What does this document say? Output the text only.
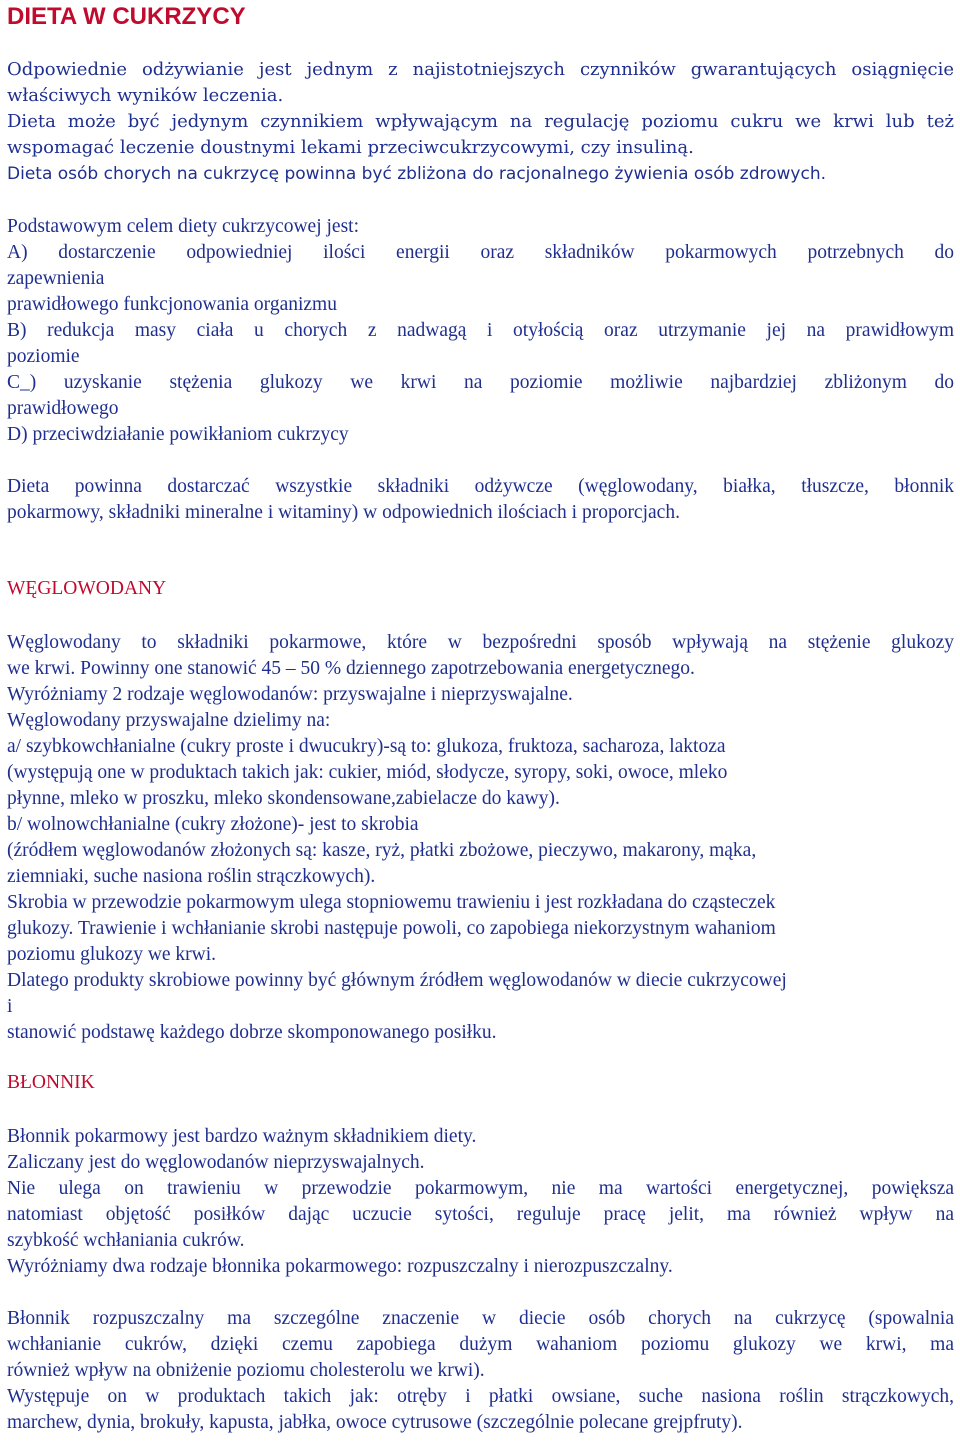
DIETA W CUKRZYCY

Odpowiednie odżywianie jest jednym z najistotniejszych czynników gwarantujących osiągnięcie

właściwych wyników leczenia.

Dieta może być jedynym czynnikiem wpływającym na regulację poziomu cukru we krwi lub też

wspomagać leczenie doustnymi lekami przeciwcukrzycowymi, czy insuliną.

Dieta osób chorych na cukrzycę powinna być zbliżona do racjonalnego żywienia osób zdrowych.

Podstawowym celem diety cukrzycowej jest:

A) dostarczenie odpowiedniej ilości energii oraz składników pokarmowych potrzebnych do

zapewnienia

prawidłowego funkcjonowania organizmu

B) redukcja masy ciała u chorych z nadwagą i otyłością oraz utrzymanie jej na prawidłowym

poziomie

C_) uzyskanie stężenia glukozy we krwi na poziomie możliwie najbardziej zbliżonym do

prawidłowego

D) przeciwdziałanie powikłaniom cukrzycy

Dieta powinna dostarczać wszystkie składniki odżywcze (węglowodany, białka, tłuszcze, błonnik

pokarmowy, składniki mineralne i witaminy) w odpowiednich ilościach i proporcjach.

WĘGLOWODANY

Węglowodany to składniki pokarmowe, które w bezpośredni sposób wpływają na stężenie glukozy

we krwi. Powinny one stanowić 45 – 50 % dziennego zapotrzebowania energetycznego.

Wyróżniamy 2 rodzaje węglowodanów: przyswajalne i nieprzyswajalne.

Węglowodany przyswajalne dzielimy na:

a/ szybkowchłanialne (cukry proste i dwucukry)-są to: glukoza, fruktoza, sacharoza, laktoza

(występują one w produktach takich jak: cukier, miód, słodycze, syropy, soki, owoce, mleko

płynne, mleko w proszku, mleko skondensowane,zabielacze do kawy).

b/ wolnowchłanialne (cukry złożone)- jest to skrobia

(źródłem węglowodanów złożonych są: kasze, ryż, płatki zbożowe, pieczywo, makarony, mąka,

ziemniaki, suche nasiona roślin strączkowych).

Skrobia w przewodzie pokarmowym ulega stopniowemu trawieniu i jest rozkładana do cząsteczek

glukozy. Trawienie i wchłanianie skrobi następuje powoli, co zapobiega niekorzystnym wahaniom

poziomu glukozy we krwi.

Dlatego produkty skrobiowe powinny być głównym źródłem węglowodanów w diecie cukrzycowej

i

stanowić podstawę każdego dobrze skomponowanego posiłku.

BŁONNIK

Błonnik pokarmowy jest bardzo ważnym składnikiem diety.

Zaliczany jest do węglowodanów nieprzyswajalnych.

Nie ulega on trawieniu w przewodzie pokarmowym, nie ma wartości energetycznej, powiększa

natomiast objętość posiłków dając uczucie sytości, reguluje pracę jelit, ma również wpływ na

szybkość wchłaniania cukrów.

Wyróżniamy dwa rodzaje błonnika pokarmowego: rozpuszczalny i nierozpuszczalny.

Błonnik rozpuszczalny ma szczególne znaczenie w diecie osób chorych na cukrzycę (spowalnia

wchłanianie cukrów, dzięki czemu zapobiega dużym wahaniom poziomu glukozy we krwi, ma

również wpływ na obniżenie poziomu cholesterolu we krwi).

Występuje on w produktach takich jak: otręby i płatki owsiane, suche nasiona roślin strączkowych,

marchew, dynia, brokuły, kapusta, jabłka, owoce cytrusowe (szczególnie polecane grejpfruty).
